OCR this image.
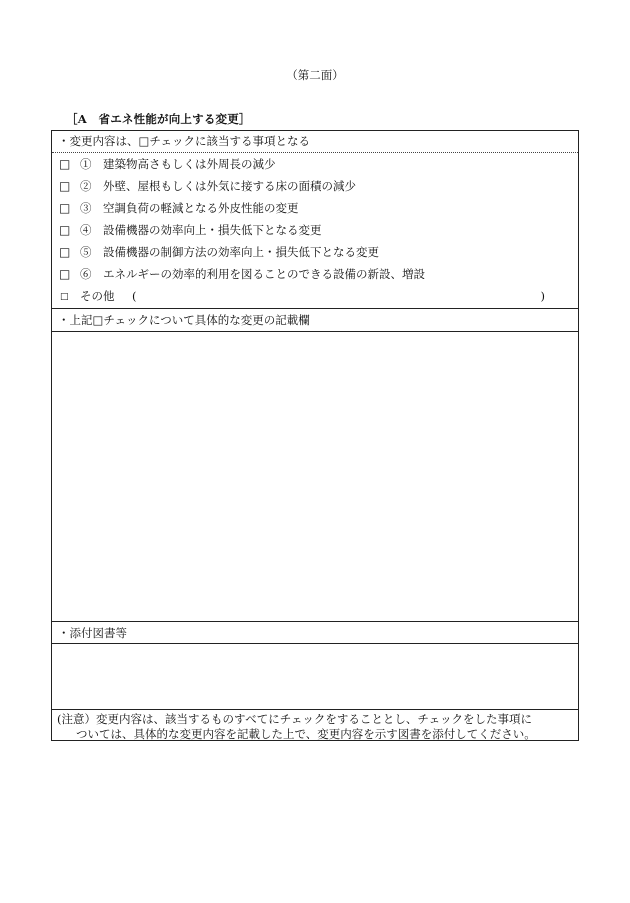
（第二面）
［A　省エネ性能が向上する変更］
・変更内容は、□チェックに該当する事項となる
□ ①　建築物高さもしくは外周長の減少
□ ②　外壁、屋根もしくは外気に接する床の面積の減少
□ ③　空調負荷の軽減となる外皮性能の変更
□ ④　設備機器の効率向上・損失低下となる変更
□ ⑤　設備機器の制御方法の効率向上・損失低下となる変更
□ ⑥　エネルギーの効率的利用を図ることのできる設備の新設、増設
□ その他 (	)
・上記□チェックについて具体的な変更の記載欄
・添付図書等
(注意）変更内容は、該当するものすべてにチェックをすることとし、チェックをした事項に
ついては、具体的な変更内容を記載した上で、変更内容を示す図書を添付してください。
